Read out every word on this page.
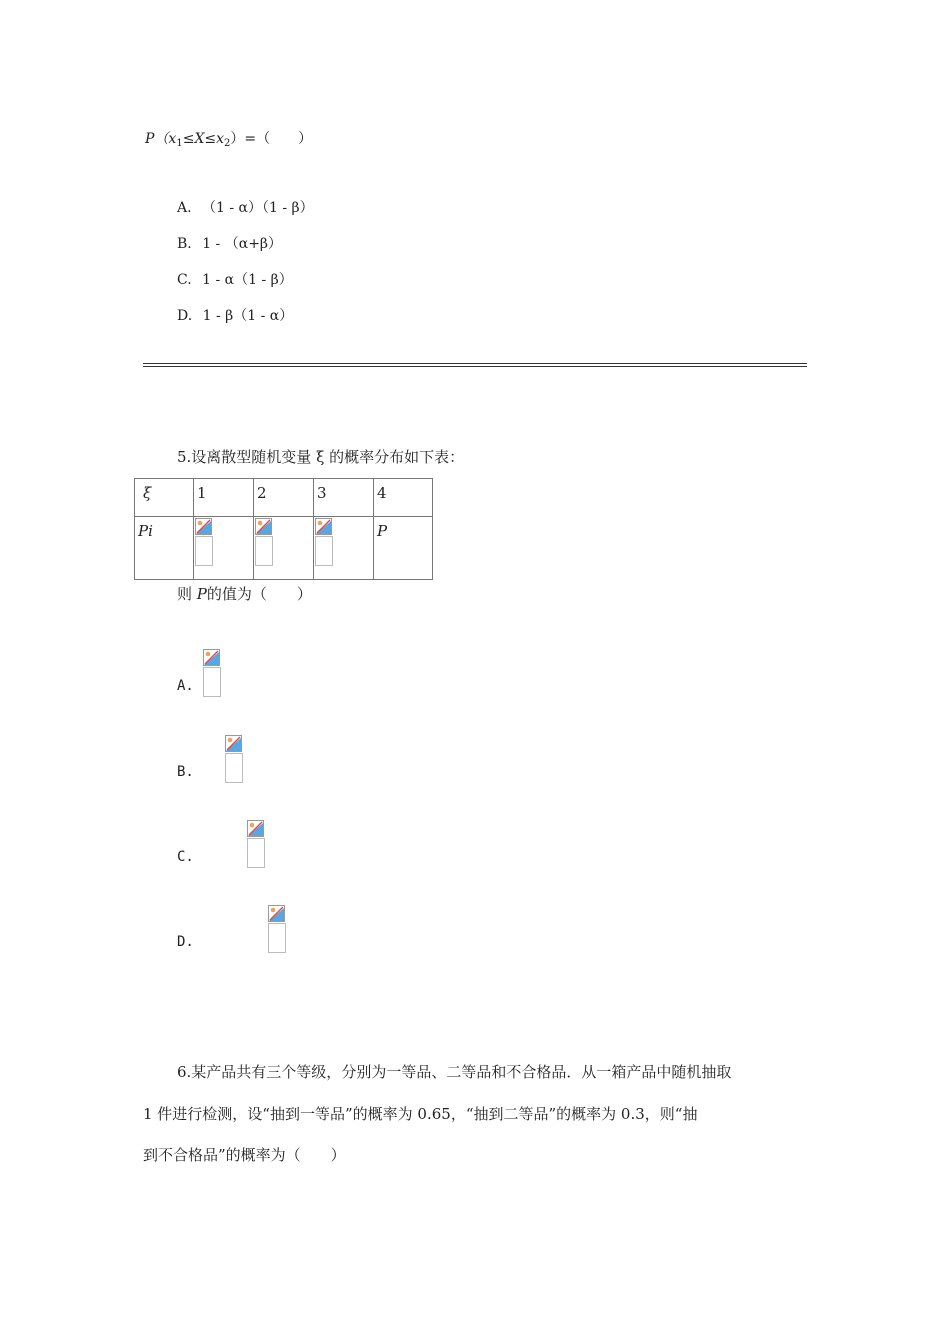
$P(x_1\le X\le x_2)=$（　　）
A. （1 - α）（1 - β）
B. 1 - （α+β）
C. 1 - α（1 - β）
D. 1 - β（1 - α）
5.设离散型随机变量 ξ 的概率分布如下表：
ξ	1	2	3	4

Pi				P
则 P的值为（　　）
A.

B.

C.

D.
6.某产品共有三个等级，分别为一等品、二等品和不合格品．从一箱产品中随机抽取
1 件进行检测，设“抽到一等品”的概率为 0.65，“抽到二等品”的概率为 0.3，则“抽
到不合格品”的概率为（　　）
